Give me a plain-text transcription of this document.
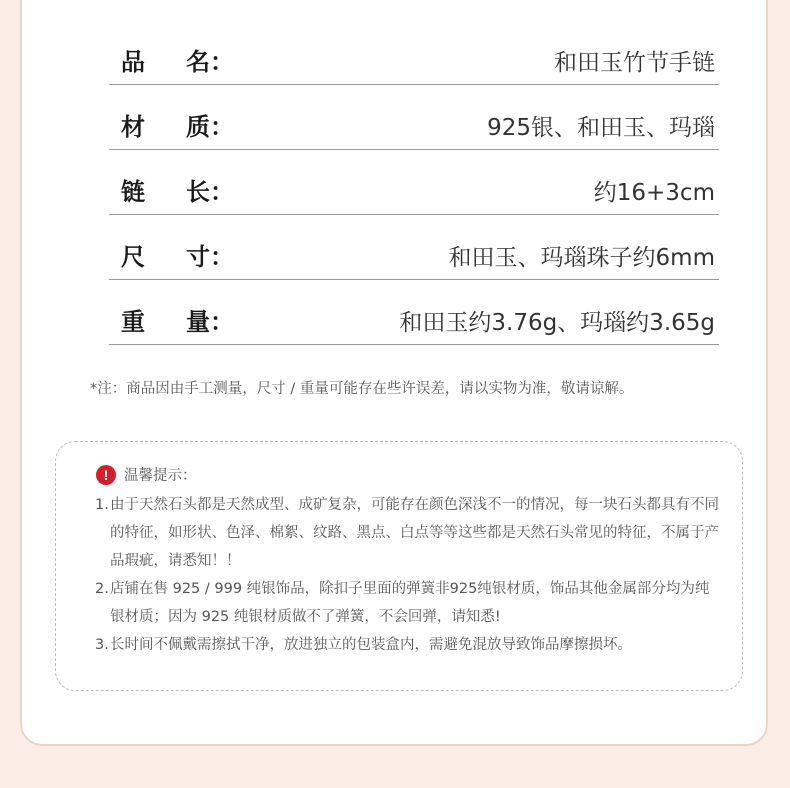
品 名：	和田玉竹节手链
材 质：	925银、和田玉、玛瑙
链 长：	约16+3cm
尺 寸：	和田玉、玛瑙珠子约6mm
重 量：	和田玉约3.76g、玛瑙约3.65g
*注：商品因由手工测量，尺寸 / 重量可能存在些许误差，请以实物为准，敬请谅解。
!	温馨提示：
1. 由于天然石头都是天然成型、成矿复杂，可能存在颜色深浅不一的情况，每一块石头都具有不同的特征，如形状、色泽、棉絮、纹路、黑点、白点等等这些都是天然石头常见的特征，不属于产品瑕疵，请悉知！！
2. 店铺在售 925 / 999 纯银饰品，除扣子里面的弹簧非925纯银材质，饰品其他金属部分均为纯银材质；因为 925 纯银材质做不了弹簧，不会回弹，请知悉!
3. 长时间不佩戴需擦拭干净，放进独立的包装盒内，需避免混放导致饰品摩擦损坏。
